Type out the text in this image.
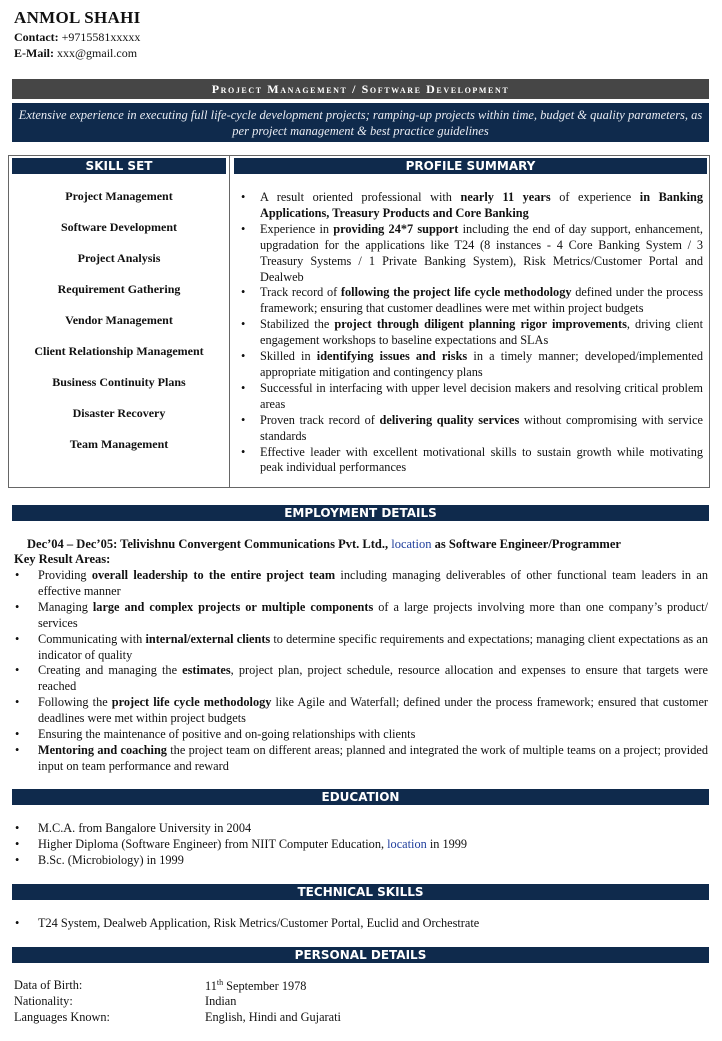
ANMOL SHAHI
Contact: +9715581xxxxx
E-Mail: xxx@gmail.com
Project Management / Software Development
Extensive experience in executing full life-cycle development projects; ramping-up projects within time, budget & quality parameters, as per project management & best practice guidelines
SKILL SET	PROFILE SUMMARY
Project Management
Software Development
Project Analysis
Requirement Gathering
Vendor Management
Client Relationship Management
Business Continuity Plans
Disaster Recovery
Team Management
• A result oriented professional with nearly 11 years of experience in Banking Applications, Treasury Products and Core Banking
• Experience in providing 24*7 support including the end of day support, enhancement, upgradation for the applications like T24 (8 instances - 4 Core Banking System / 3 Treasury Systems / 1 Private Banking System), Risk Metrics/Customer Portal and Dealweb
• Track record of following the project life cycle methodology defined under the process framework; ensuring that customer deadlines were met within project budgets
• Stabilized the project through diligent planning rigor improvements, driving client engagement workshops to baseline expectations and SLAs
• Skilled in identifying issues and risks in a timely manner; developed/implemented appropriate mitigation and contingency plans
• Successful in interfacing with upper level decision makers and resolving critical problem areas
• Proven track record of delivering quality services without compromising with service standards
• Effective leader with excellent motivational skills to sustain growth while motivating peak individual performances
EMPLOYMENT DETAILS
Dec’04 – Dec’05: Telivishnu Convergent Communications Pvt. Ltd., location as Software Engineer/Programmer
Key Result Areas:
• Providing overall leadership to the entire project team including managing deliverables of other functional team leaders in an effective manner
• Managing large and complex projects or multiple components of a large projects involving more than one company’s product/ services
• Communicating with internal/external clients to determine specific requirements and expectations; managing client expectations as an indicator of quality
• Creating and managing the estimates, project plan, project schedule, resource allocation and expenses to ensure that targets were reached
• Following the project life cycle methodology like Agile and Waterfall; defined under the process framework; ensured that customer deadlines were met within project budgets
• Ensuring the maintenance of positive and on-going relationships with clients
• Mentoring and coaching the project team on different areas; planned and integrated the work of multiple teams on a project; provided input on team performance and reward
EDUCATION
• M.C.A. from Bangalore University in 2004
• Higher Diploma (Software Engineer) from NIIT Computer Education, location in 1999
• B.Sc. (Microbiology) in 1999
TECHNICAL SKILLS
• T24 System, Dealweb Application, Risk Metrics/Customer Portal, Euclid and Orchestrate
PERSONAL DETAILS
Data of Birth:	11th September 1978
Nationality:	Indian
Languages Known:	English, Hindi and Gujarati
